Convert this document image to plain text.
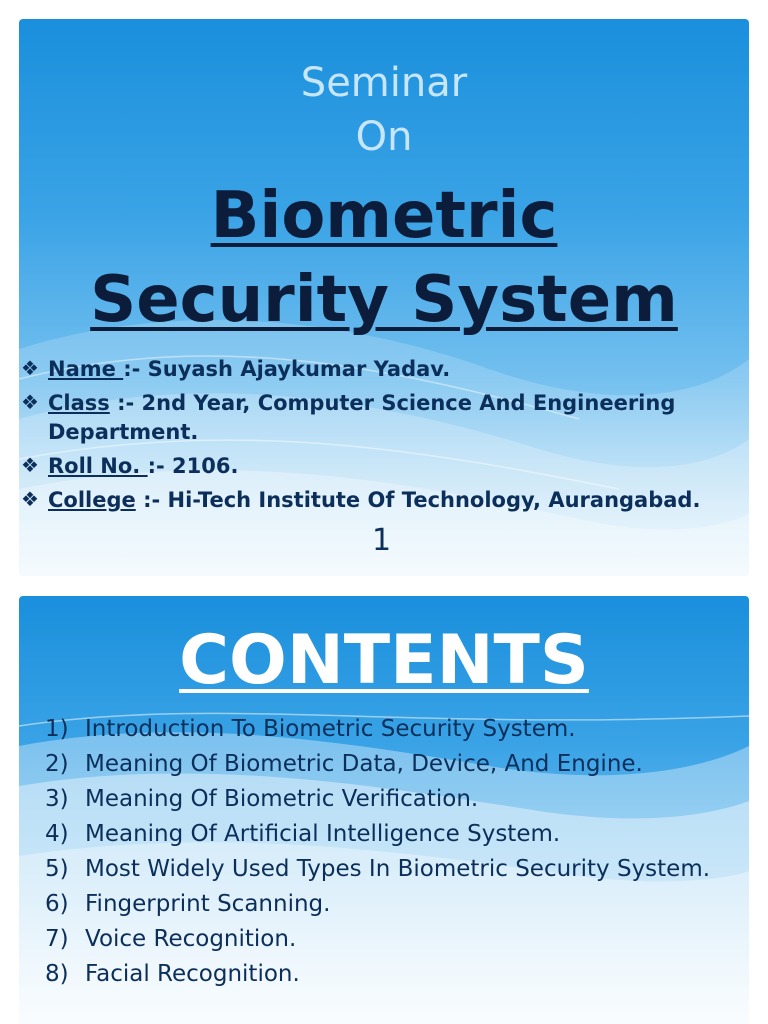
Seminar
On
Biometric
Security System
❖ Name :- Suyash Ajaykumar Yadav.
❖ Class :- 2nd Year, Computer Science And Engineering Department.
❖ Roll No. :- 2106.
❖ College :- Hi-Tech Institute Of Technology, Aurangabad.
1
CONTENTS
1) Introduction To Biometric Security System.
2) Meaning Of Biometric Data, Device, And Engine.
3) Meaning Of Biometric Verification.
4) Meaning Of Artificial Intelligence System.
5) Most Widely Used Types In Biometric Security System.
6) Fingerprint Scanning.
7) Voice Recognition.
8) Facial Recognition.
